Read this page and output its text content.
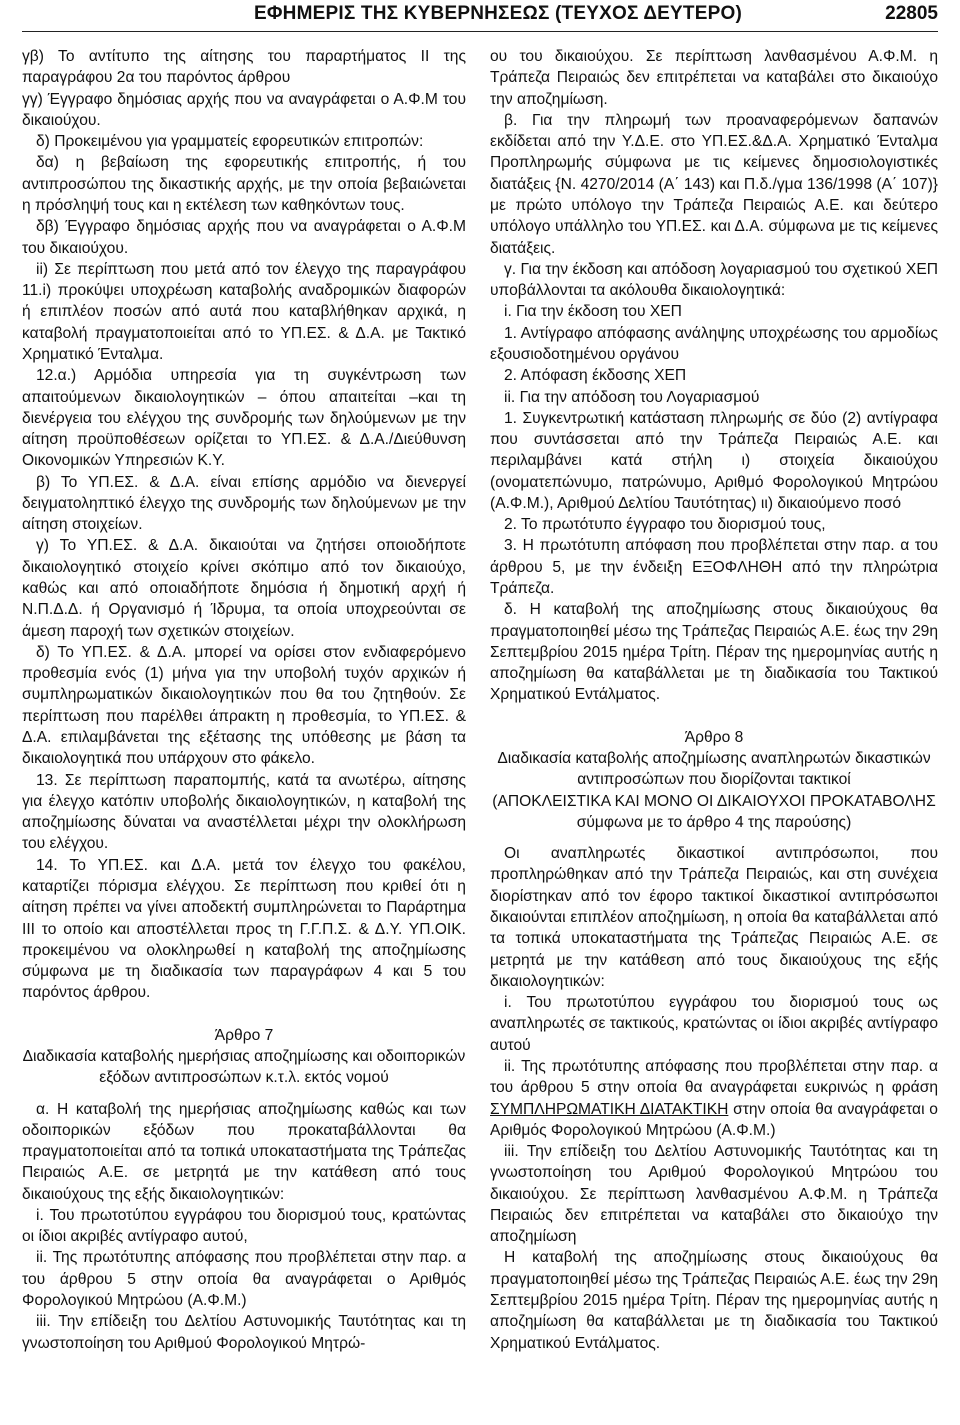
ΕΦΗΜΕΡΙΣ ΤΗΣ ΚΥΒΕΡΝΗΣΕΩΣ (ΤΕΥΧΟΣ ΔΕΥΤΕΡΟ)	22805

γβ) Το αντίτυπο της αίτησης του παραρτήματος ΙΙ της παραγράφου 2α του παρόντος άρθρου

γγ) Έγγραφο δημόσιας αρχής που να αναγράφεται ο Α.Φ.Μ του δικαιούχου.

δ) Προκειμένου για γραμματείς εφορευτικών επιτροπών:

δα) η βεβαίωση της εφορευτικής επιτροπής, ή του αντιπροσώπου της δικαστικής αρχής, με την οποία βεβαιώνεται η πρόσληψή τους και η εκτέλεση των καθηκόντων τους.

δβ) Έγγραφο δημόσιας αρχής που να αναγράφεται ο Α.Φ.Μ του δικαιούχου.

ii) Σε περίπτωση που μετά από τον έλεγχο της παραγράφου 11.i) προκύψει υποχρέωση καταβολής αναδρομικών διαφορών ή επιπλέον ποσών από αυτά που καταβλήθηκαν αρχικά, η καταβολή πραγματοποιείται από το ΥΠ.ΕΣ. & Δ.Α. με Τακτικό Χρηματικό Ένταλμα.

12.α.) Αρμόδια υπηρεσία για τη συγκέντρωση των απαιτούμενων δικαιολογητικών – όπου απαιτείται –και τη διενέργεια του ελέγχου της συνδρομής των δηλούμενων με την αίτηση προϋποθέσεων ορίζεται το ΥΠ.ΕΣ. & Δ.Α./Διεύθυνση Οικονομικών Υπηρεσιών Κ.Υ.

β) Το ΥΠ.ΕΣ. & Δ.Α. είναι επίσης αρμόδιο να διενεργεί δειγματοληπτικό έλεγχο της συνδρομής των δηλούμενων με την αίτηση στοιχείων.

γ) Το ΥΠ.ΕΣ. & Δ.Α. δικαιούται να ζητήσει οποιοδήποτε δικαιολογητικό στοιχείο κρίνει σκόπιμο από τον δικαιούχο, καθώς και από οποιαδήποτε δημόσια ή δημοτική αρχή ή Ν.Π.Δ.Δ. ή Οργανισμό ή Ίδρυμα, τα οποία υποχρεούνται σε άμεση παροχή των σχετικών στοιχείων.

δ) Το ΥΠ.ΕΣ. & Δ.Α. μπορεί να ορίσει στον ενδιαφερόμενο προθεσμία ενός (1) μήνα για την υποβολή τυχόν αρχικών ή συμπληρωματικών δικαιολογητικών που θα του ζητηθούν. Σε περίπτωση που παρέλθει άπρακτη η προθεσμία, το ΥΠ.ΕΣ. & Δ.Α. επιλαμβάνεται της εξέτασης της υπόθεσης με βάση τα δικαιολογητικά που υπάρχουν στο φάκελο.

13. Σε περίπτωση παραπομπής, κατά τα ανωτέρω, αίτησης για έλεγχο κατόπιν υποβολής δικαιολογητικών, η καταβολή της αποζημίωσης δύναται να αναστέλλεται μέχρι την ολοκλήρωση του ελέγχου.

14. Το ΥΠ.ΕΣ. και Δ.Α. μετά τον έλεγχο του φακέλου, καταρτίζει πόρισμα ελέγχου. Σε περίπτωση που κριθεί ότι η αίτηση πρέπει να γίνει αποδεκτή συμπληρώνεται το Παράρτημα ΙΙΙ το οποίο και αποστέλλεται προς τη Γ.Γ.Π.Σ. & Δ.Υ. ΥΠ.ΟΙΚ. προκειμένου να ολοκληρωθεί η καταβολή της αποζημίωσης σύμφωνα με τη διαδικασία των παραγράφων 4 και 5 του παρόντος άρθρου.

Άρθρο 7

Διαδικασία καταβολής ημερήσιας αποζημίωσης και οδοιπορικών εξόδων αντιπροσώπων κ.τ.λ. εκτός νομού

α. Η καταβολή της ημερήσιας αποζημίωσης καθώς και των οδοιπορικών εξόδων που προκαταβάλλονται θα πραγματοποιείται από τα τοπικά υποκαταστήματα της Τράπεζας Πειραιώς Α.Ε. σε μετρητά με την κατάθεση από τους δικαιούχους της εξής δικαιολογητικών:

i. Του πρωτοτύπου εγγράφου του διορισμού τους, κρατώντας οι ίδιοι ακριβές αντίγραφο αυτού,

ii. Της πρωτότυπης απόφασης που προβλέπεται στην παρ. α του άρθρου 5 στην οποία θα αναγράφεται ο Αριθμός Φορολογικού Μητρώου (Α.Φ.Μ.)

iii. Την επίδειξη του Δελτίου Αστυνομικής Ταυτότητας και τη γνωστοποίηση του Αριθμού Φορολογικού Μητρώ-

ου του δικαιούχου. Σε περίπτωση λανθασμένου Α.Φ.Μ. η Τράπεζα Πειραιώς δεν επιτρέπεται να καταβάλει στο δικαιούχο την αποζημίωση.

β. Για την πληρωμή των προαναφερόμενων δαπανών εκδίδεται από την Υ.Δ.Ε. στο ΥΠ.ΕΣ.&Δ.Α. Χρηματικό Ένταλμα Προπληρωμής σύμφωνα με τις κείμενες δημοσιολογιστικές διατάξεις {Ν. 4270/2014 (Α΄ 143) και Π.δ./γμα 136/1998 (Α΄ 107)} με πρώτο υπόλογο την Τράπεζα Πειραιώς Α.Ε. και δεύτερο υπόλογο υπάλληλο του ΥΠ.ΕΣ. και Δ.Α. σύμφωνα με τις κείμενες διατάξεις.

γ. Για την έκδοση και απόδοση λογαριασμού του σχετικού ΧΕΠ υποβάλλονται τα ακόλουθα δικαιολογητικά:

i. Για την έκδοση του ΧΕΠ

1. Αντίγραφο απόφασης ανάληψης υποχρέωσης του αρμοδίως εξουσιοδοτημένου οργάνου

2. Απόφαση έκδοσης ΧΕΠ

ii. Για την απόδοση του Λογαριασμού

1. Συγκεντρωτική κατάσταση πληρωμής σε δύο (2) αντίγραφα που συντάσσεται από την Τράπεζα Πειραιώς Α.Ε. και περιλαμβάνει κατά στήλη ι) στοιχεία δικαιούχου (ονοματεπώνυμο, πατρώνυμο, Αριθμό Φορολογικού Μητρώου (Α.Φ.Μ.), Αριθμού Δελτίου Ταυτότητας) ιι) δικαιούμενο ποσό

2. Το πρωτότυπο έγγραφο του διορισμού τους,

3. Η πρωτότυπη απόφαση που προβλέπεται στην παρ. α του άρθρου 5, με την ένδειξη ΕΞΟΦΛΗΘΗ από την πληρώτρια Τράπεζα.

δ. Η καταβολή της αποζημίωσης στους δικαιούχους θα πραγματοποιηθεί μέσω της Τράπεζας Πειραιώς Α.Ε. έως την 29η Σεπτεμβρίου 2015 ημέρα Τρίτη. Πέραν της ημερομηνίας αυτής η αποζημίωση θα καταβάλλεται με τη διαδικασία του Τακτικού Χρηματικού Εντάλματος.

Άρθρο 8

Διαδικασία καταβολής αποζημίωσης αναπληρωτών δικαστικών αντιπροσώπων που διορίζονται τακτικοί

(ΑΠΟΚΛΕΙΣΤΙΚΑ ΚΑΙ ΜΟΝΟ ΟΙ ΔΙΚΑΙΟΥΧΟΙ ΠΡΟΚΑΤΑΒΟΛΗΣ

σύμφωνα με το άρθρο 4 της παρούσης)

Οι αναπληρωτές δικαστικοί αντιπρόσωποι, που προπληρώθηκαν από την Τράπεζα Πειραιώς, και στη συνέχεια διορίστηκαν από τον έφορο τακτικοί δικαστικοί αντιπρόσωποι δικαιούνται επιπλέον αποζημίωση, η οποία θα καταβάλλεται από τα τοπικά υποκαταστήματα της Τράπεζας Πειραιώς Α.Ε. σε μετρητά με την κατάθεση από τους δικαιούχους της εξής δικαιολογητικών:

i. Του πρωτοτύπου εγγράφου του διορισμού τους ως αναπληρωτές σε τακτικούς, κρατώντας οι ίδιοι ακριβές αντίγραφο αυτού

ii. Της πρωτότυπης απόφασης που προβλέπεται στην παρ. α του άρθρου 5 στην οποία θα αναγράφεται ευκρινώς η φράση ΣΥΜΠΛΗΡΩΜΑΤΙΚΗ ΔΙΑΤΑΚΤΙΚΗ στην οποία θα αναγράφεται ο Αριθμός Φορολογικού Μητρώου (Α.Φ.Μ.)

iii. Την επίδειξη του Δελτίου Αστυνομικής Ταυτότητας και τη γνωστοποίηση του Αριθμού Φορολογικού Μητρώου του δικαιούχου. Σε περίπτωση λανθασμένου Α.Φ.Μ. η Τράπεζα Πειραιώς δεν επιτρέπεται να καταβάλει στο δικαιούχο την αποζημίωση

Η καταβολή της αποζημίωσης στους δικαιούχους θα πραγματοποιηθεί μέσω της Τράπεζας Πειραιώς Α.Ε. έως την 29η Σεπτεμβρίου 2015 ημέρα Τρίτη. Πέραν της ημερομηνίας αυτής η αποζημίωση θα καταβάλλεται με τη διαδικασία του Τακτικού Χρηματικού Εντάλματος.
